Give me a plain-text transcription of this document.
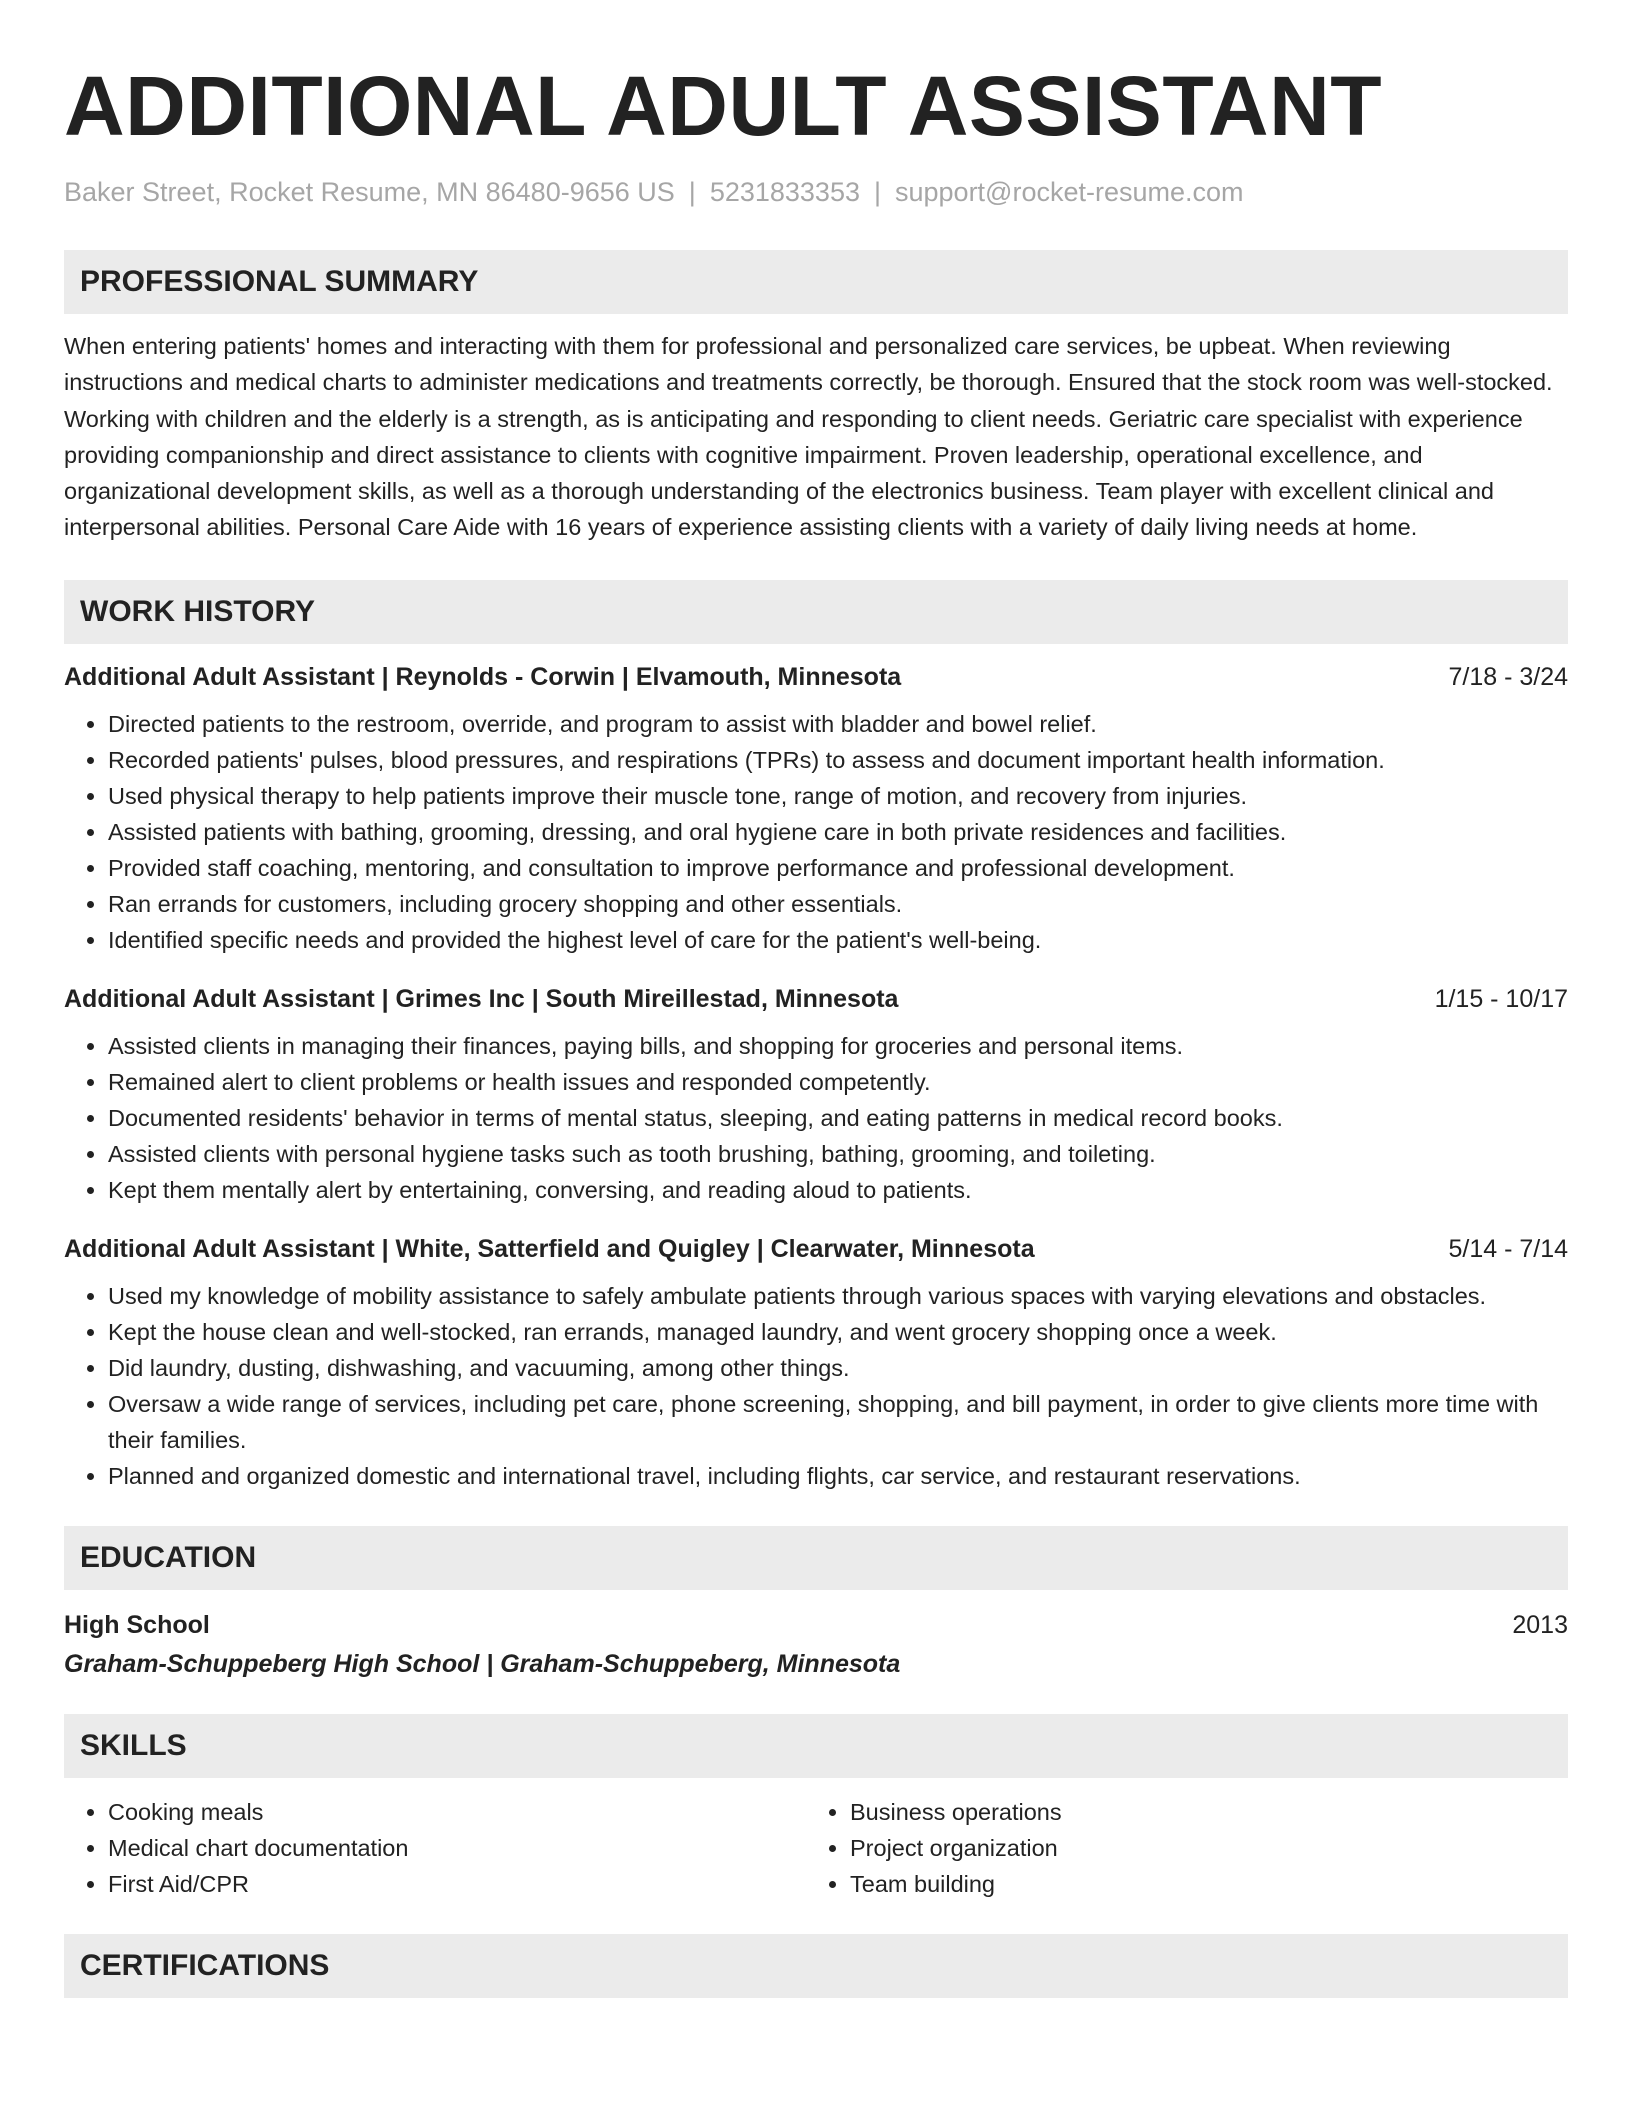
ADDITIONAL ADULT ASSISTANT
Baker Street, Rocket Resume, MN 86480-9656 US | 5231833353 | support@rocket-resume.com
PROFESSIONAL SUMMARY

When entering patients' homes and interacting with them for professional and personalized care services, be upbeat. When reviewing instructions and medical charts to administer medications and treatments correctly, be thorough. Ensured that the stock room was well-stocked. Working with children and the elderly is a strength, as is anticipating and responding to client needs. Geriatric care specialist with experience providing companionship and direct assistance to clients with cognitive impairment. Proven leadership, operational excellence, and organizational development skills, as well as a thorough understanding of the electronics business. Team player with excellent clinical and interpersonal abilities. Personal Care Aide with 16 years of experience assisting clients with a variety of daily living needs at home.

WORK HISTORY
Additional Adult Assistant | Reynolds - Corwin | Elvamouth, Minnesota	7/18 - 3/24
• Directed patients to the restroom, override, and program to assist with bladder and bowel relief.
• Recorded patients' pulses, blood pressures, and respirations (TPRs) to assess and document important health information.
• Used physical therapy to help patients improve their muscle tone, range of motion, and recovery from injuries.
• Assisted patients with bathing, grooming, dressing, and oral hygiene care in both private residences and facilities.
• Provided staff coaching, mentoring, and consultation to improve performance and professional development.
• Ran errands for customers, including grocery shopping and other essentials.
• Identified specific needs and provided the highest level of care for the patient's well-being.
Additional Adult Assistant | Grimes Inc | South Mireillestad, Minnesota	1/15 - 10/17
• Assisted clients in managing their finances, paying bills, and shopping for groceries and personal items.
• Remained alert to client problems or health issues and responded competently.
• Documented residents' behavior in terms of mental status, sleeping, and eating patterns in medical record books.
• Assisted clients with personal hygiene tasks such as tooth brushing, bathing, grooming, and toileting.
• Kept them mentally alert by entertaining, conversing, and reading aloud to patients.
Additional Adult Assistant | White, Satterfield and Quigley | Clearwater, Minnesota	5/14 - 7/14
• Used my knowledge of mobility assistance to safely ambulate patients through various spaces with varying elevations and obstacles.
• Kept the house clean and well-stocked, ran errands, managed laundry, and went grocery shopping once a week.
• Did laundry, dusting, dishwashing, and vacuuming, among other things.
• Oversaw a wide range of services, including pet care, phone screening, shopping, and bill payment, in order to give clients more time with their families.
• Planned and organized domestic and international travel, including flights, car service, and restaurant reservations.
EDUCATION
High School	2013
Graham-Schuppeberg High School | Graham-Schuppeberg, Minnesota
SKILLS
• Cooking meals
• Medical chart documentation
• First Aid/CPR
• Business operations
• Project organization
• Team building
CERTIFICATIONS
